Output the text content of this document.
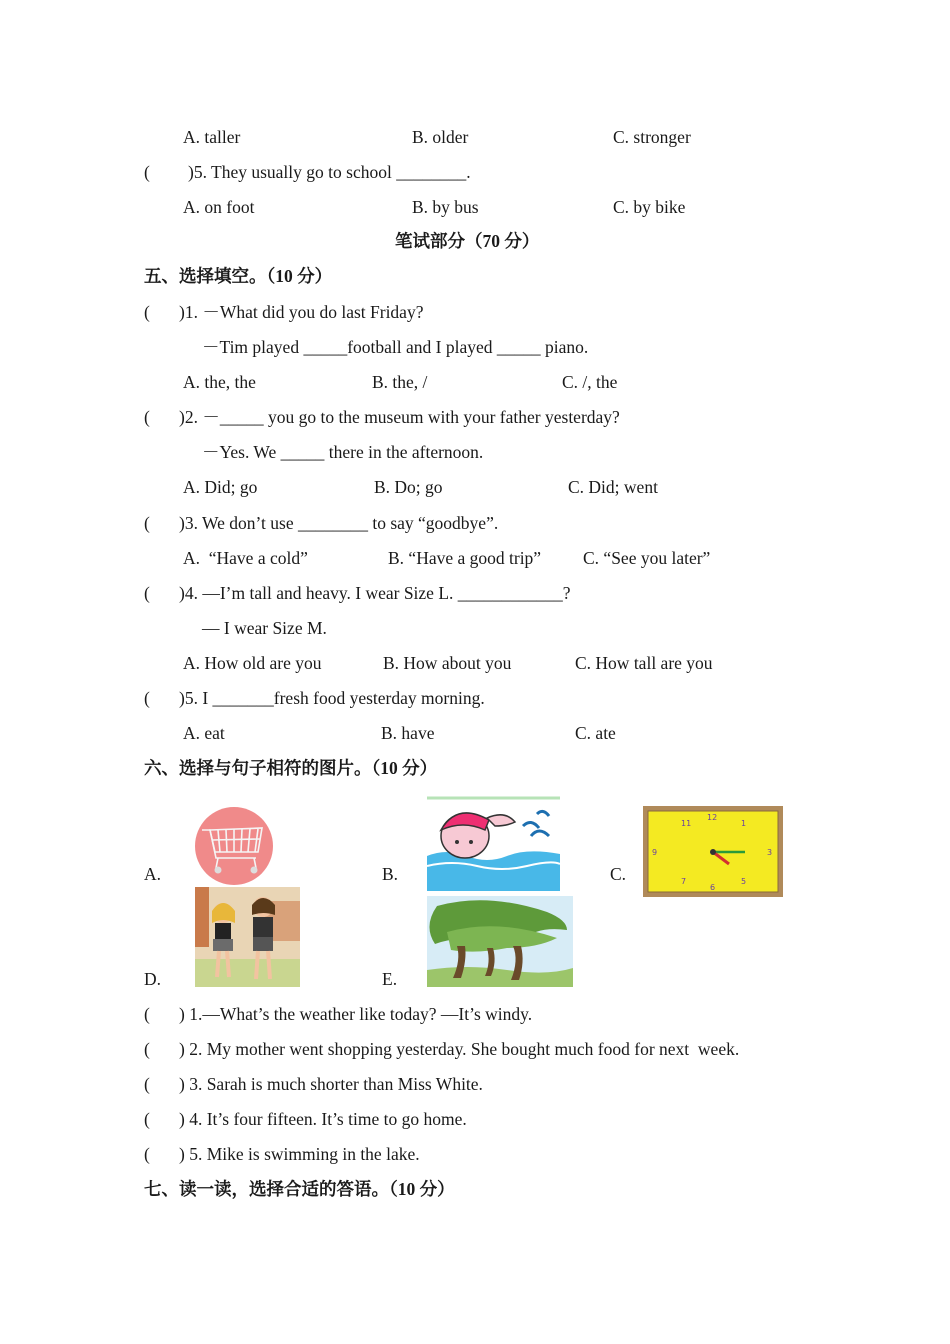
A. taller	B. older	C. stronger
( )5. They usually go to school ________.
A. on foot	B. by bus	C. by bike
笔试部分（70 分）
五、选择填空。（10 分）
( )1. －What did you do last Friday?
－Tim played _____football and I played _____ piano.
A. the, the	B. the, /	C. /, the
( )2. －_____ you go to the museum with your father yesterday?
－Yes. We _____ there in the afternoon.
A. Did; go	B. Do; go	C. Did; went
( )3. We don’t use ________ to say “goodbye”.
A.  “Have a cold”	B. “Have a good trip” C. “See you later”
( )4. —I’m tall and heavy. I wear Size L. ____________?
— I wear Size M.
A. How old are you	B. How about you	C. How tall are you
( )5. I _______fresh food yesterday morning.
A. eat	B. have	C. ate
六、选择与句子相符的图片。（10 分）
A.	B.	C.
D.	E.
12
3
6
9
1
11
5
7
( ) 1.—What’s the weather like today? —It’s windy.
( ) 2. My mother went shopping yesterday. She bought much food for next  week.
( ) 3. Sarah is much shorter than Miss White.
( ) 4. It’s four fifteen. It’s time to go home.
( ) 5. Mike is swimming in the lake.
七、读一读，选择合适的答语。（10 分）
